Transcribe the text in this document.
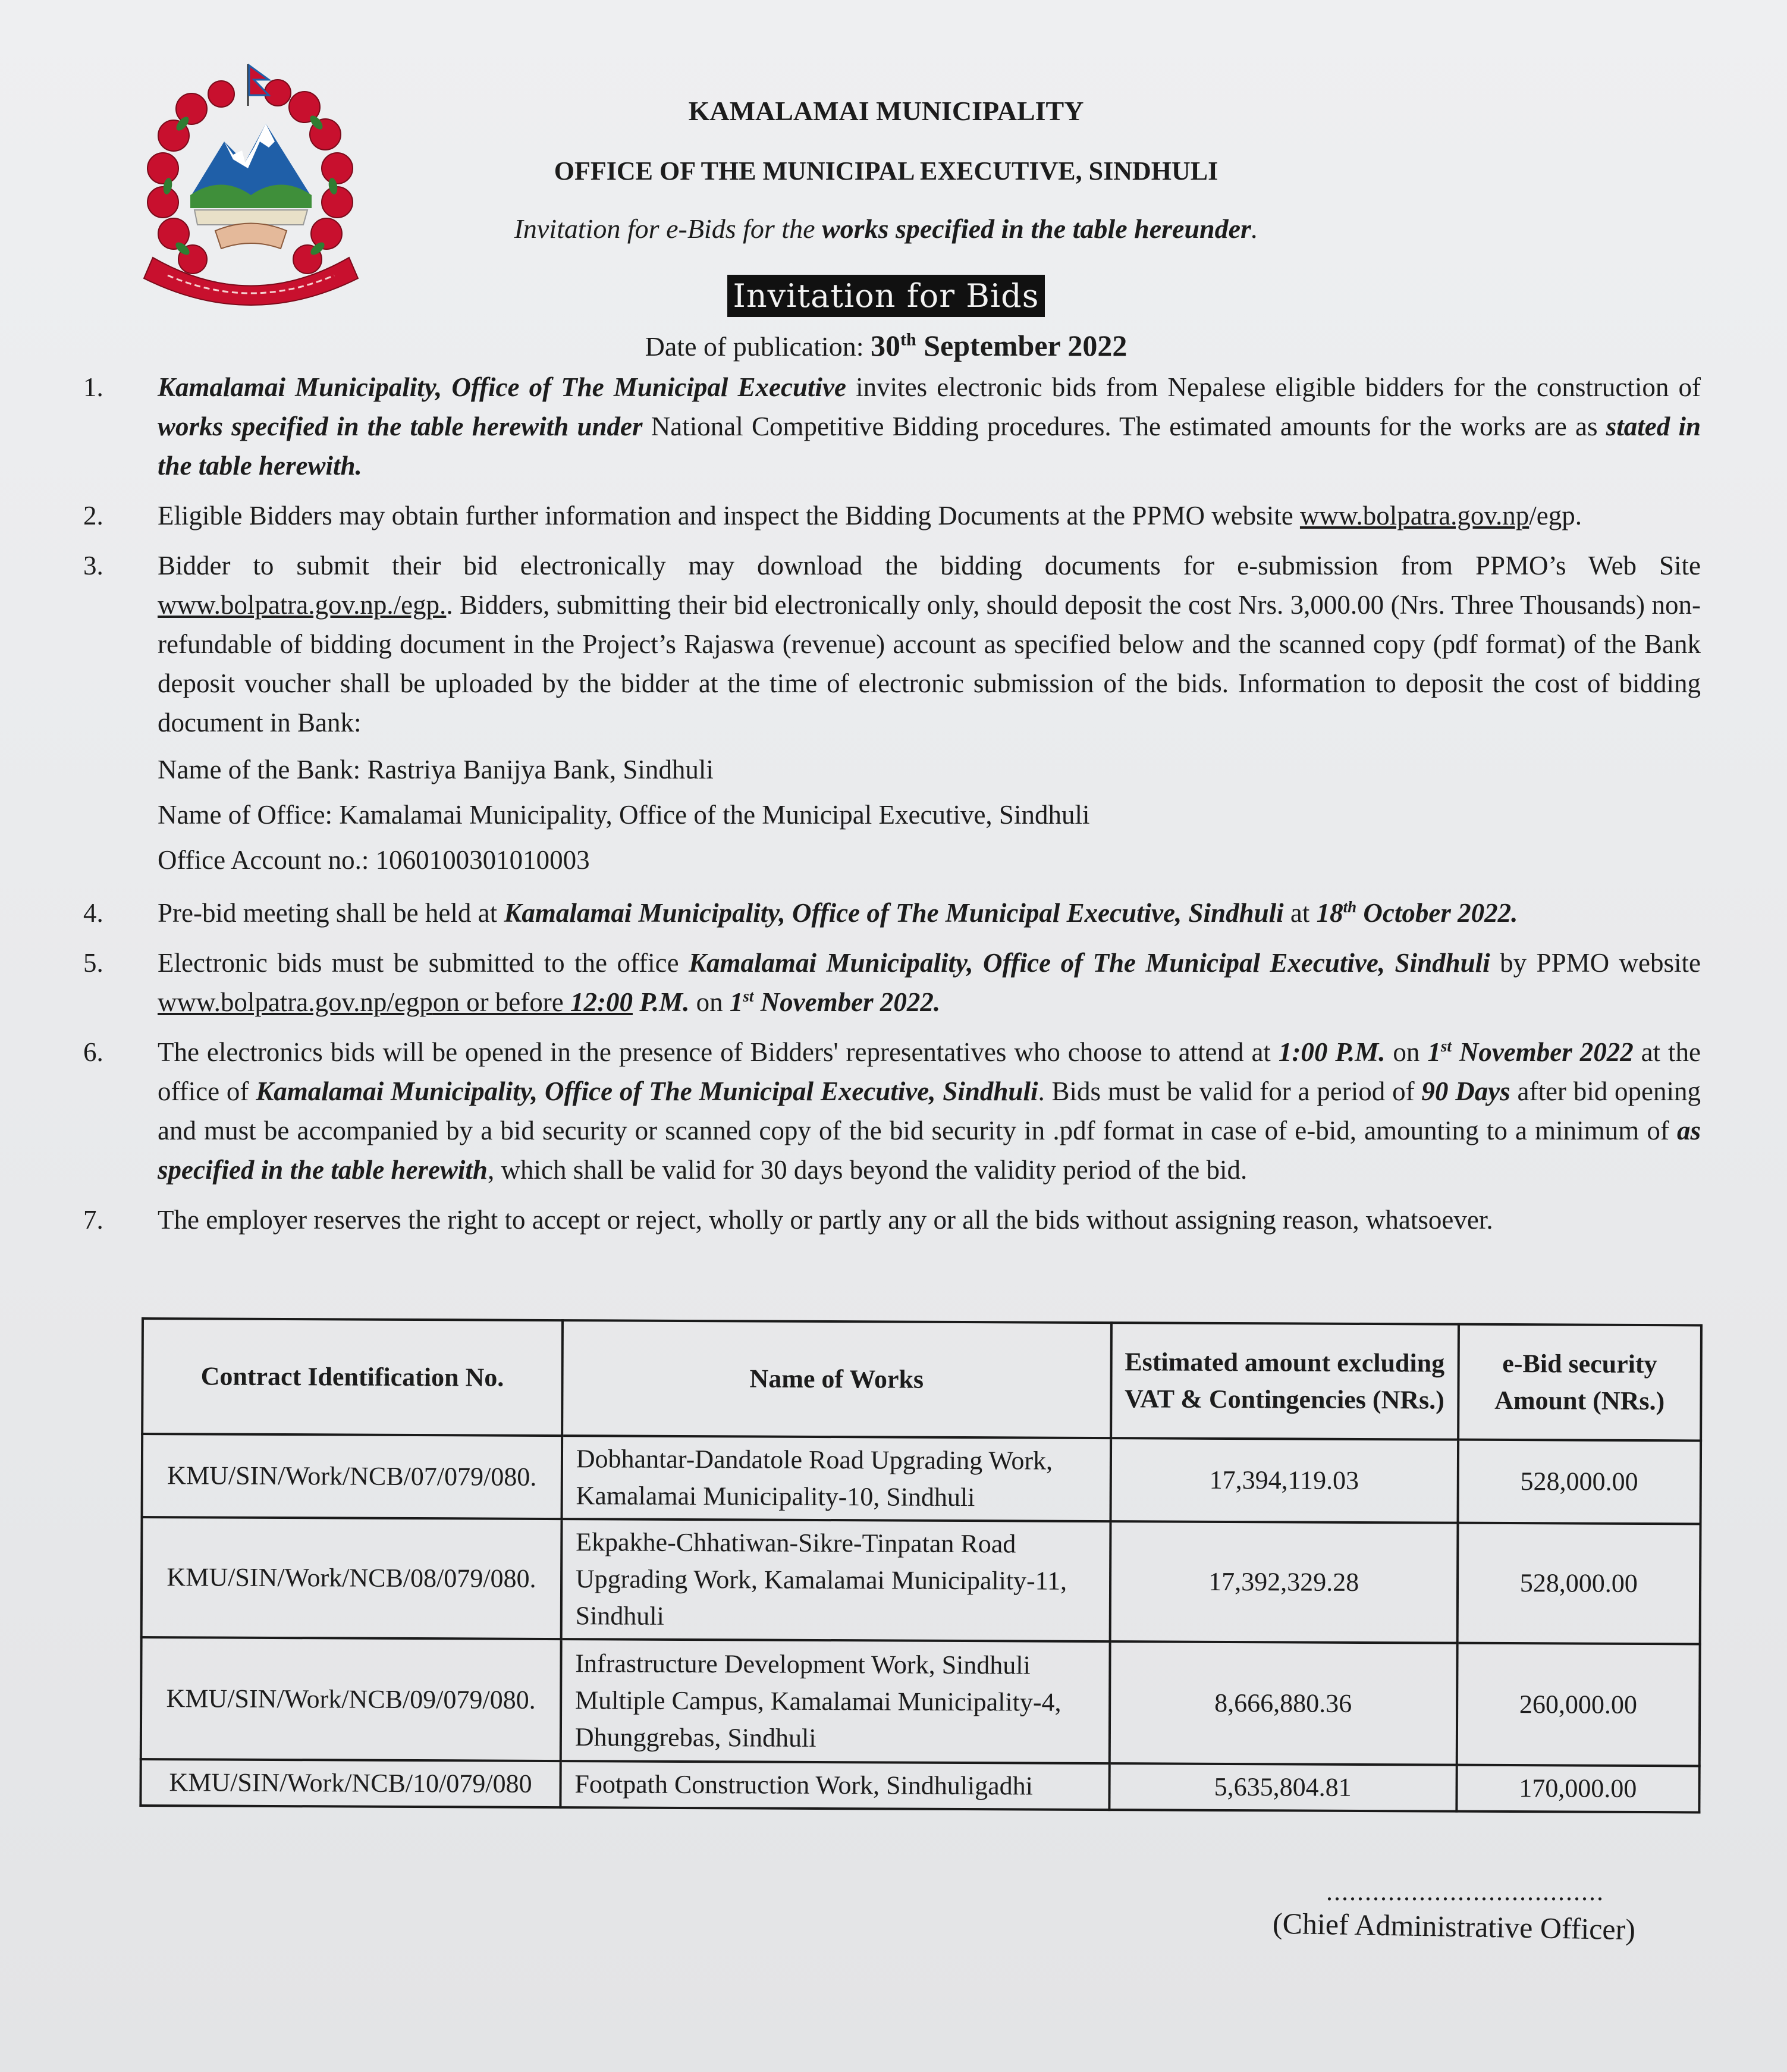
KAMALAMAI MUNICIPALITY
OFFICE OF THE MUNICIPAL EXECUTIVE, SINDHULI
Invitation for e-Bids for the works specified in the table hereunder.
Invitation for Bids
Date of publication: 30th September 2022
1. Kamalamai Municipality, Office of The Municipal Executive invites electronic bids from Nepalese eligible bidders for the construction of works specified in the table herewith under National Competitive Bidding procedures. The estimated amounts for the works are as stated in the table herewith.
2. Eligible Bidders may obtain further information and inspect the Bidding Documents at the PPMO website www.bolpatra.gov.np/egp.
3. Bidder to submit their bid electronically may download the bidding documents for e-submission from PPMO’s Web Site www.bolpatra.gov.np./egp.. Bidders, submitting their bid electronically only, should deposit the cost Nrs. 3,000.00 (Nrs. Three Thousands) non-refundable of bidding document in the Project’s Rajaswa (revenue) account as specified below and the scanned copy (pdf format) of the Bank deposit voucher shall be uploaded by the bidder at the time of electronic submission of the bids. Information to deposit the cost of bidding document in Bank:
Name of the Bank: Rastriya Banijya Bank, Sindhuli
Name of Office: Kamalamai Municipality, Office of the Municipal Executive, Sindhuli
Office Account no.: 1060100301010003
4. Pre-bid meeting shall be held at Kamalamai Municipality, Office of The Municipal Executive, Sindhuli at 18th October 2022.
5. Electronic bids must be submitted to the office Kamalamai Municipality, Office of The Municipal Executive, Sindhuli by PPMO website www.bolpatra.gov.np/egpon or before 12:00 P.M. on 1st November 2022.
6. The electronics bids will be opened in the presence of Bidders' representatives who choose to attend at 1:00 P.M. on 1st November 2022 at the office of Kamalamai Municipality, Office of The Municipal Executive, Sindhuli. Bids must be valid for a period of 90 Days after bid opening and must be accompanied by a bid security or scanned copy of the bid security in .pdf format in case of e-bid, amounting to a minimum of as specified in the table herewith, which shall be valid for 30 days beyond the validity period of the bid.
7. The employer reserves the right to accept or reject, wholly or partly any or all the bids without assigning reason, whatsoever.
Contract Identification No.	Name of Works	Estimated amount excluding VAT & Contingencies (NRs.)	e-Bid security Amount (NRs.)
KMU/SIN/Work/NCB/07/079/080.	Dobhantar-Dandatole Road Upgrading Work, Kamalamai Municipality-10, Sindhuli	17,394,119.03	528,000.00
KMU/SIN/Work/NCB/08/079/080.	Ekpakhe-Chhatiwan-Sikre-Tinpatan Road Upgrading Work, Kamalamai Municipality-11, Sindhuli	17,392,329.28	528,000.00
KMU/SIN/Work/NCB/09/079/080.	Infrastructure Development Work, Sindhuli Multiple Campus, Kamalamai Municipality-4, Dhunggrebas, Sindhuli	8,666,880.36	260,000.00
KMU/SIN/Work/NCB/10/079/080	Footpath Construction Work, Sindhuligadhi	5,635,804.81	170,000.00
....................................
(Chief Administrative Officer)
